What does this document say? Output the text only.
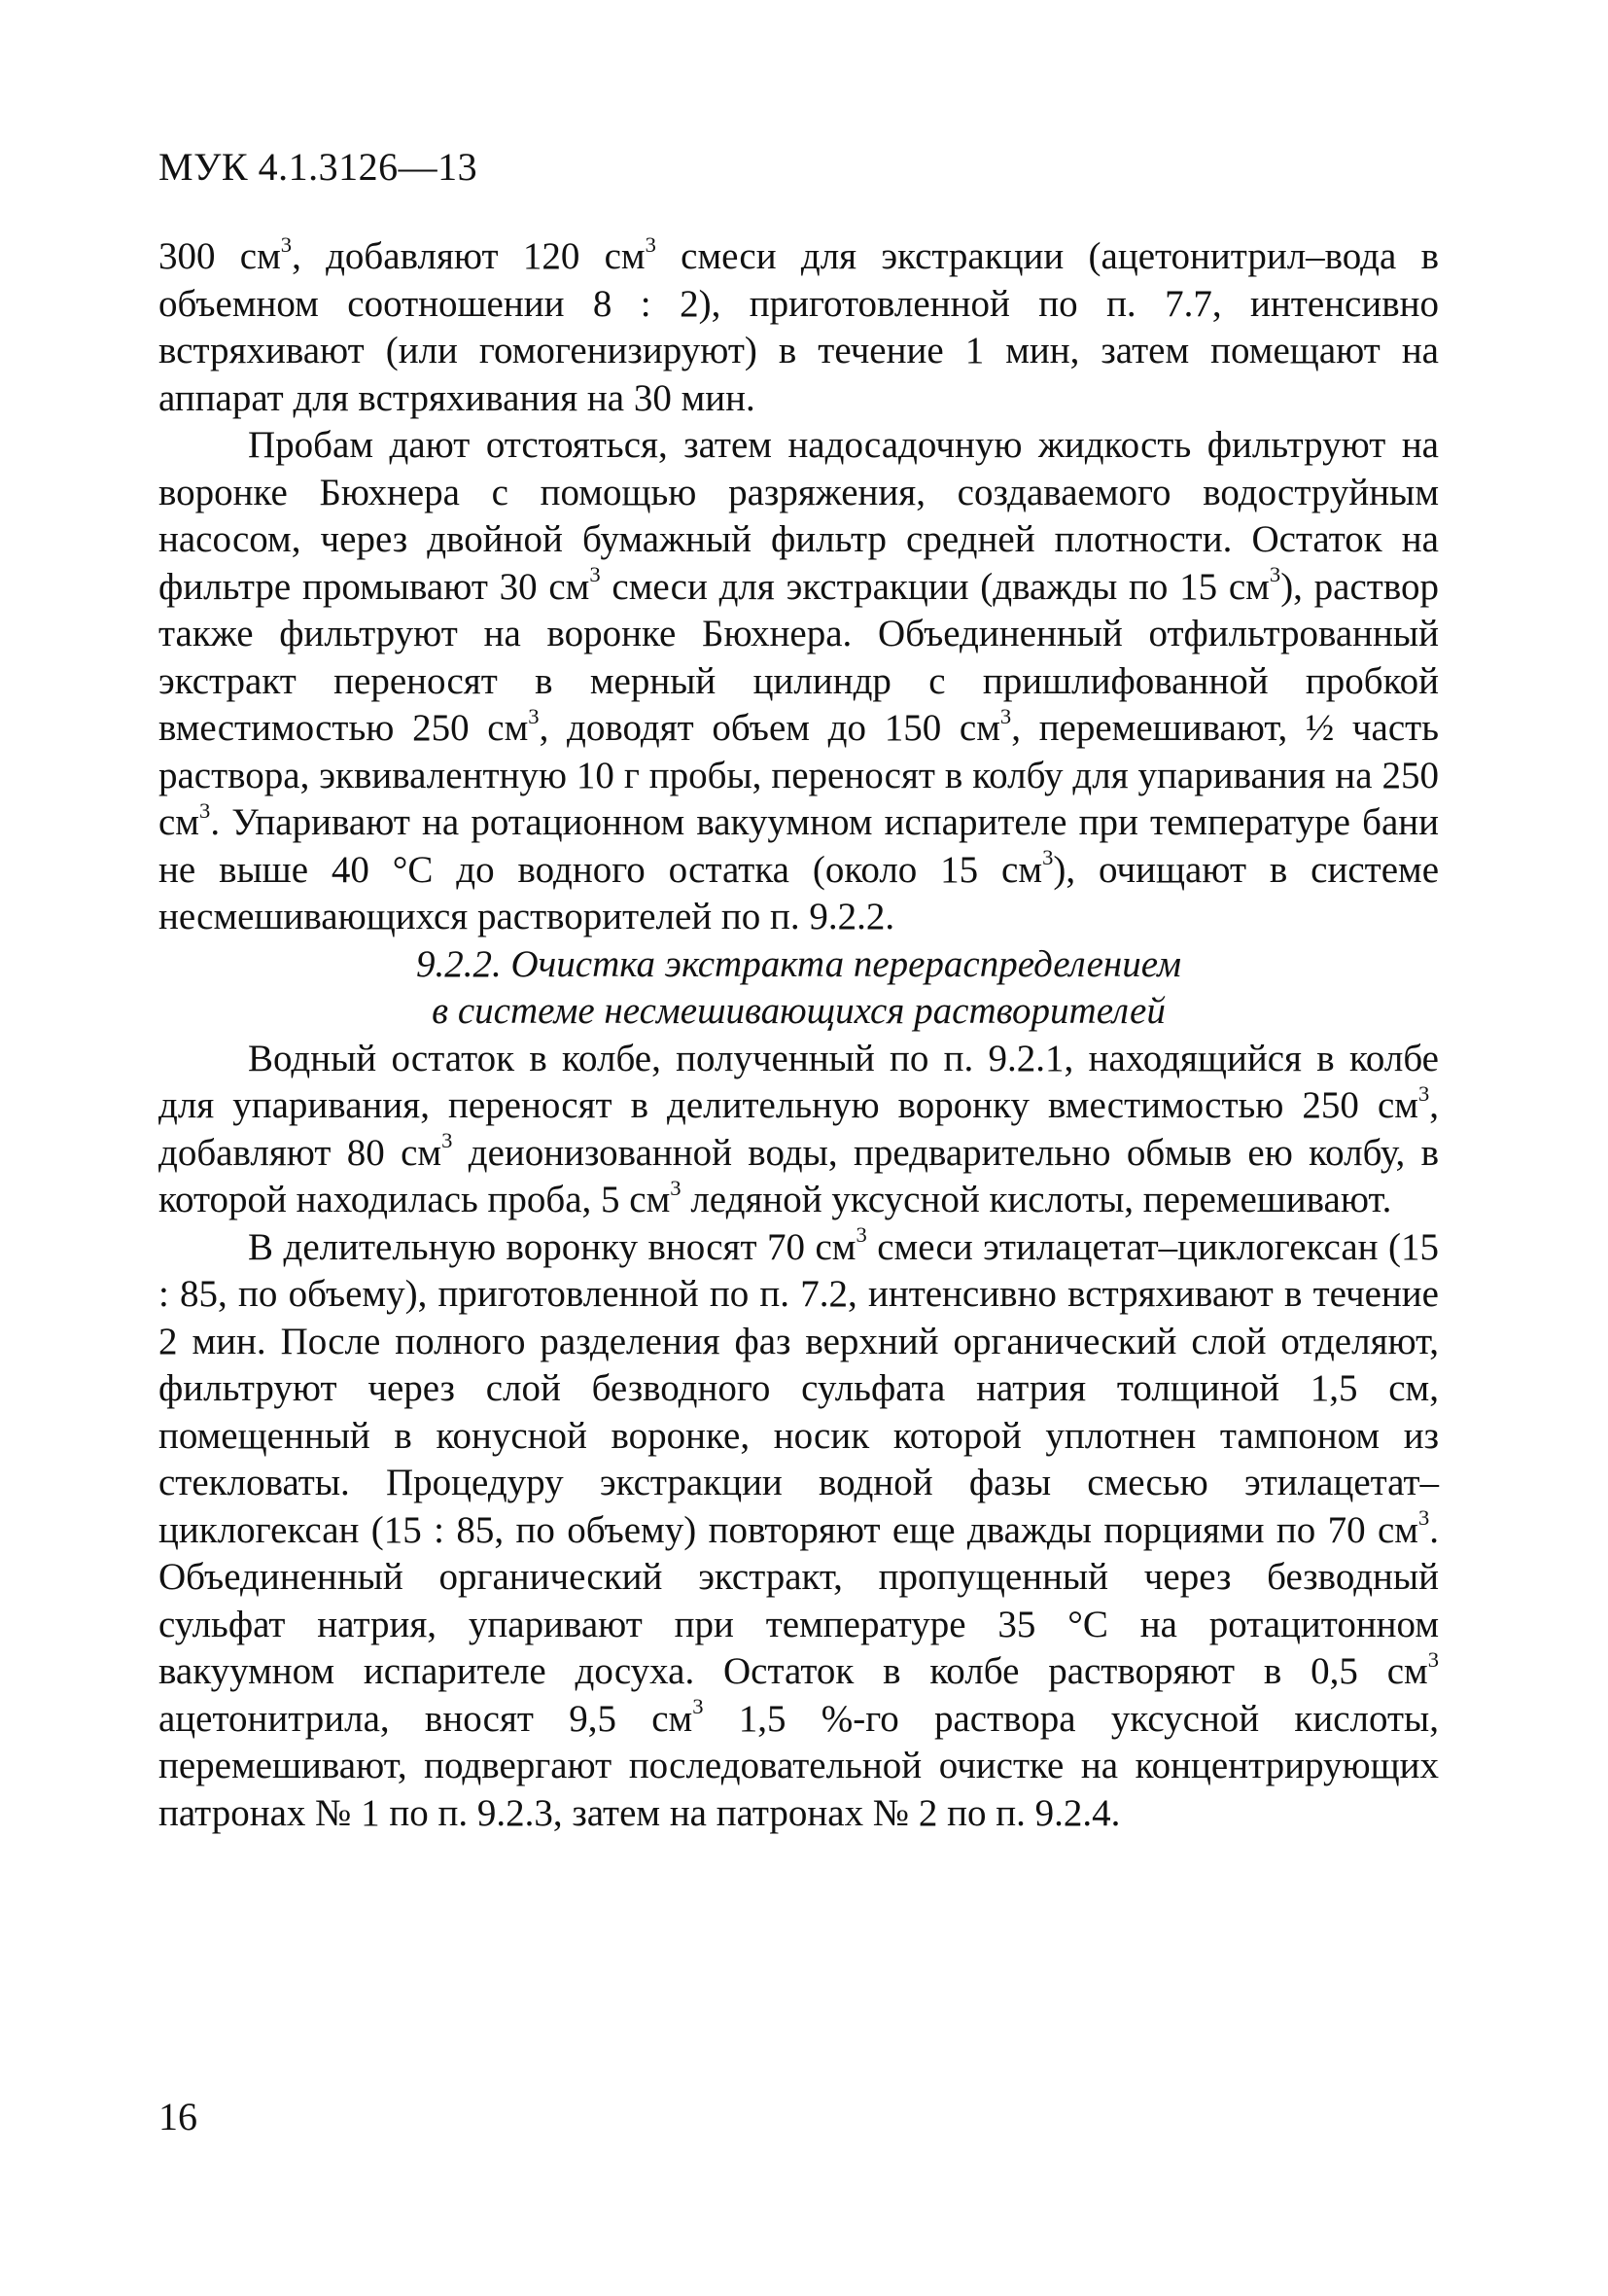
МУК 4.1.3126—13

300 $см^3$, добавляют 120 $см^3$ смеси для экстракции (ацетонитрил–вода в объемном соотношении 8 : 2), приготовленной по п. 7.7, интенсивно встряхивают (или гомогенизируют) в течение 1 мин, затем помещают на аппарат для встряхивания на 30 мин.

Пробам дают отстояться, затем надосадочную жидкость фильтруют на воронке Бюхнера с помощью разряжения, создаваемого водоструйным насосом, через двойной бумажный фильтр средней плотности. Остаток на фильтре промывают 30 $см^3$ смеси для экстракции (дважды по 15 $см^3$), раствор также фильтруют на воронке Бюхнера. Объединенный отфильтрованный экстракт переносят в мерный цилиндр с пришлифованной пробкой вместимостью 250 $см^3$, доводят объем до 150 $см^3$, перемешивают, ½ часть раствора, эквивалентную 10 г пробы, переносят в колбу для упаривания на 250 $см^3$. Упаривают на ротационном вакуумном испарителе при температуре бани не выше 40 °С до водного остатка (около 15 $см^3$), очищают в системе несмешивающихся растворителей по п. 9.2.2.

9.2.2. Очистка экстракта перераспределением
в системе несмешивающихся растворителей

Водный остаток в колбе, полученный по п. 9.2.1, находящийся в колбе для упаривания, переносят в делительную воронку вместимостью 250 $см^3$, добавляют 80 $см^3$ деионизованной воды, предварительно обмыв ею колбу, в которой находилась проба, 5 $см^3$ ледяной уксусной кислоты, перемешивают.

В делительную воронку вносят 70 $см^3$ смеси этилацетат–циклогексан (15 : 85, по объему), приготовленной по п. 7.2, интенсивно встряхивают в течение 2 мин. После полного разделения фаз верхний органический слой отделяют, фильтруют через слой безводного сульфата натрия толщиной 1,5 см, помещенный в конусной воронке, носик которой уплотнен тампоном из стекловаты. Процедуру экстракции водной фазы смесью этилацетат–циклогексан (15 : 85, по объему) повторяют еще дважды порциями по 70 $см^3$. Объединенный органический экстракт, пропущенный через безводный сульфат натрия, упаривают при температуре 35 °С на ротацитонном вакуумном испарителе досуха. Остаток в колбе растворяют в 0,5 $см^3$ ацетонитрила, вносят 9,5 $см^3$ 1,5 %-го раствора уксусной кислоты, перемешивают, подвергают последовательной очистке на концентрирующих патронах № 1 по п. 9.2.3, затем на патронах № 2 по п. 9.2.4.

16
